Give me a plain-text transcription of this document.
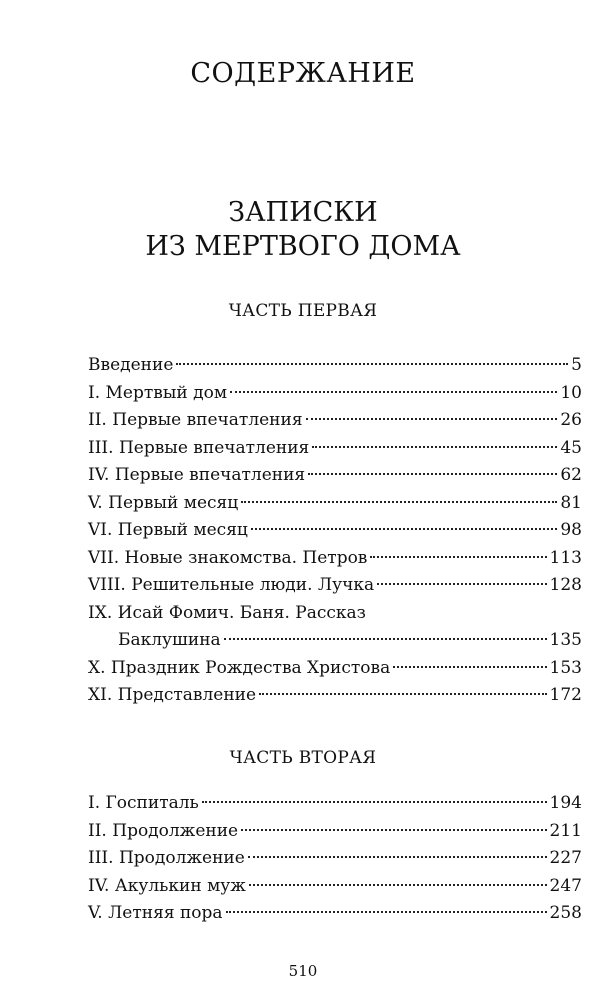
СОДЕРЖАНИЕ
ЗАПИСКИ
ИЗ МЕРТВОГО ДОМА
ЧАСТЬ ПЕРВАЯ
Введение	5
I. Мертвый дом	10
II. Первые впечатления	26
III. Первые впечатления	45
IV. Первые впечатления	62
V. Первый месяц	81
VI. Первый месяц	98
VII. Новые знакомства. Петров	113
VIII. Решительные люди. Лучка	128
IX. Исай Фомич. Баня. Рассказ
Баклушина	135
X. Праздник Рождества Христова	153
XI. Представление	172
ЧАСТЬ ВТОРАЯ
I. Госпиталь	194
II. Продолжение	211
III. Продолжение	227
IV. Акулькин муж	247
V. Летняя пора	258
510
